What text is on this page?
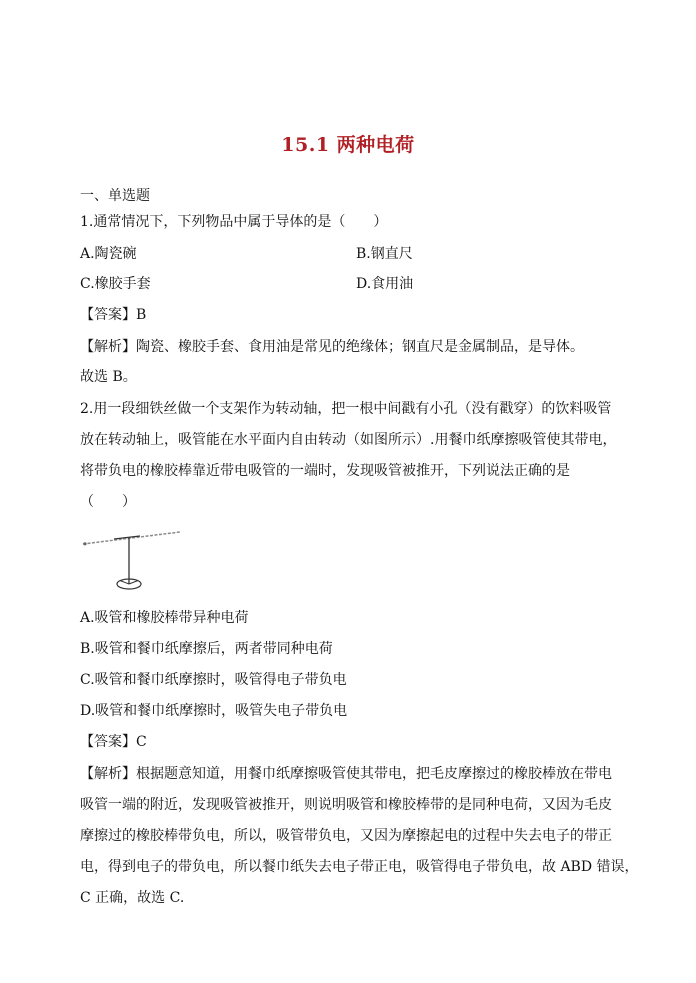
15.1 两种电荷
一、单选题
1.通常情况下，下列物品中属于导体的是（　　）
A.陶瓷碗	B.钢直尺
C.橡胶手套	D.食用油
【答案】B
【解析】陶瓷、橡胶手套、食用油是常见的绝缘体；钢直尺是金属制品，是导体。
故选 B。
2.用一段细铁丝做一个支架作为转动轴，把一根中间戳有小孔（没有戳穿）的饮料吸管
放在转动轴上，吸管能在水平面内自由转动（如图所示）.用餐巾纸摩擦吸管使其带电，
将带负电的橡胶棒靠近带电吸管的一端时，发现吸管被推开，下列说法正确的是
（　　）
A.吸管和橡胶棒带异种电荷
B.吸管和餐巾纸摩擦后，两者带同种电荷
C.吸管和餐巾纸摩擦时，吸管得电子带负电
D.吸管和餐巾纸摩擦时，吸管失电子带负电
【答案】C
【解析】根据题意知道，用餐巾纸摩擦吸管使其带电，把毛皮摩擦过的橡胶棒放在带电
吸管一端的附近，发现吸管被推开，则说明吸管和橡胶棒带的是同种电荷，又因为毛皮
摩擦过的橡胶棒带负电，所以，吸管带负电，又因为摩擦起电的过程中失去电子的带正
电，得到电子的带负电，所以餐巾纸失去电子带正电，吸管得电子带负电，故 ABD 错误，
C 正确，故选 C.
